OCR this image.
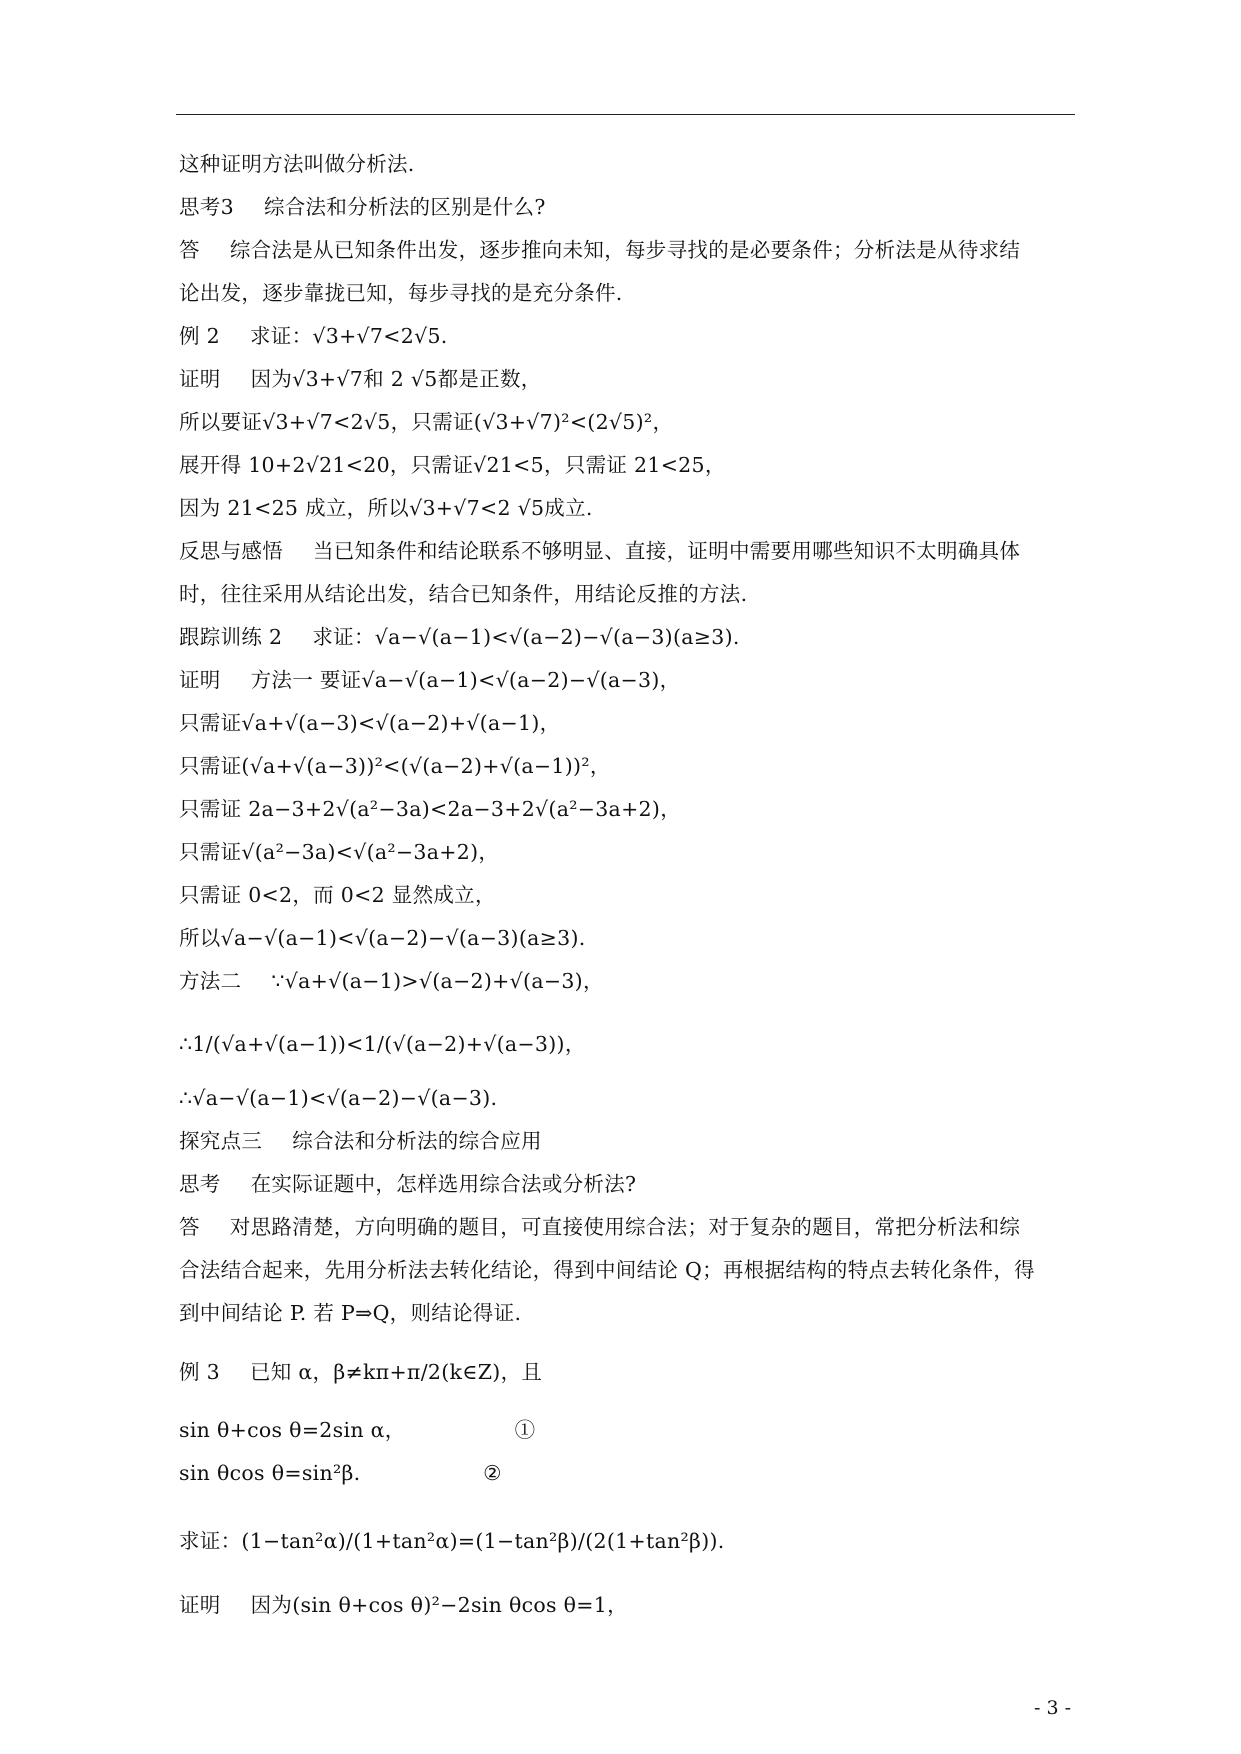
这种证明方法叫做分析法.
思考3 综合法和分析法的区别是什么?
答 综合法是从已知条件出发，逐步推向未知，每步寻找的是必要条件；分析法是从待求结
论出发，逐步靠拢已知，每步寻找的是充分条件.
例 2 求证：√3+√7<2√5.
证明 因为√3+√7和 2 √5都是正数，
所以要证√3+√7<2√5，只需证(√3+√7)²<(2√5)²，
展开得 10+2√21<20，只需证√21<5，只需证 21<25，
因为 21<25 成立，所以√3+√7<2 √5成立.
反思与感悟 当已知条件和结论联系不够明显、直接，证明中需要用哪些知识不太明确具体
时，往往采用从结论出发，结合已知条件，用结论反推的方法.
跟踪训练 2 求证：√a−√(a−1)<√(a−2)−√(a−3)(a≥3).
证明 方法一 要证√a−√(a−1)<√(a−2)−√(a−3)，
只需证√a+√(a−3)<√(a−2)+√(a−1)，
只需证(√a+√(a−3))²<(√(a−2)+√(a−1))²，
只需证 2a−3+2√(a²−3a)<2a−3+2√(a²−3a+2)，
只需证√(a²−3a)<√(a²−3a+2)，
只需证 0<2，而 0<2 显然成立，
所以√a−√(a−1)<√(a−2)−√(a−3)(a≥3).
方法二 ∵√a+√(a−1)>√(a−2)+√(a−3)，
∴1/(√a+√(a−1))<1/(√(a−2)+√(a−3))，
∴√a−√(a−1)<√(a−2)−√(a−3).
探究点三 综合法和分析法的综合应用
思考 在实际证题中，怎样选用综合法或分析法?
答 对思路清楚，方向明确的题目，可直接使用综合法；对于复杂的题目，常把分析法和综
合法结合起来，先用分析法去转化结论，得到中间结论 Q；再根据结构的特点去转化条件，得
到中间结论 P. 若 P⇒Q，则结论得证.
例 3 已知 α，β≠kπ+π/2(k∈Z)，且
sin θ+cos θ=2sin α，                ①
sin θcos θ=sin²β.                  ②
求证：(1−tan²α)/(1+tan²α)=(1−tan²β)/(2(1+tan²β)).
证明 因为(sin θ+cos θ)²−2sin θcos θ=1，
- 3 -
